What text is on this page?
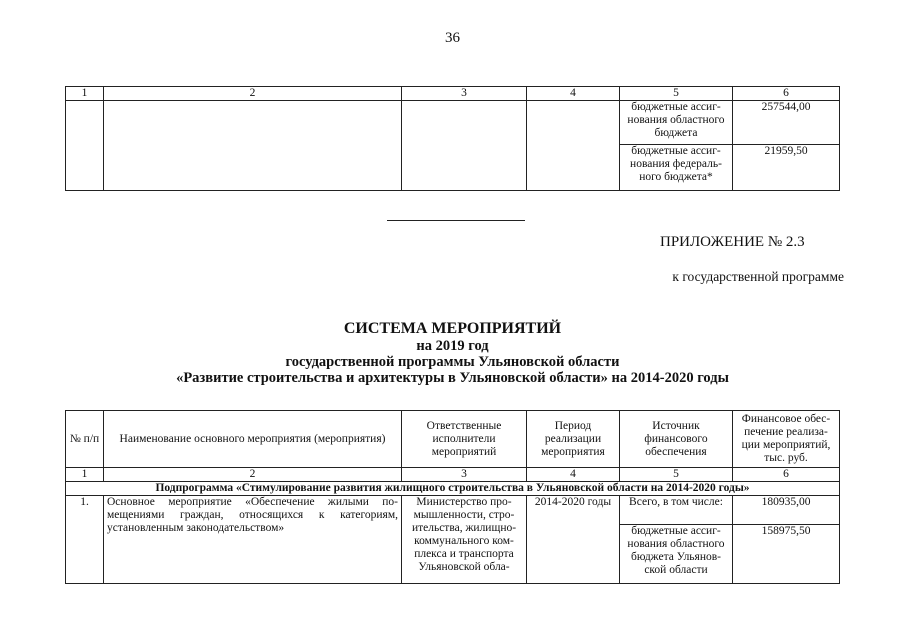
36
1	2	3	4	5	6
				бюджетные ассиг-нования областного бюджета	257544,00
				бюджетные ассиг-нования федераль-ного бюджета*	21959,50
ПРИЛОЖЕНИЕ № 2.3
к государственной программе
СИСТЕМА МЕРОПРИЯТИЙ
на 2019 год
государственной программы Ульяновской области
«Развитие строительства и архитектуры в Ульяновской области» на 2014-2020 годы
№ п/п	Наименование основного мероприятия (мероприятия)	Ответственные исполнители мероприятий	Период реализации мероприятия	Источник финансового обеспечения	Финансовое обес-печение реализа-ции мероприятий, тыс. руб.
1	2	3	4	5	6
Подпрограмма «Стимулирование развития жилищного строительства в Ульяновской области на 2014-2020 годы»					
1.	Основное мероприятие «Обеспечение жилыми по-мещениями граждан, относящихся к категориям, установленным законодательством»	Министерство про-мышленности, стро-ительства, жилищно-коммунального ком-плекса и транспорта Ульяновской обла-	2014-2020 годы	Всего, в том числе:	180935,00
				бюджетные ассиг-нования областного бюджета Ульянов-ской области	158975,50
